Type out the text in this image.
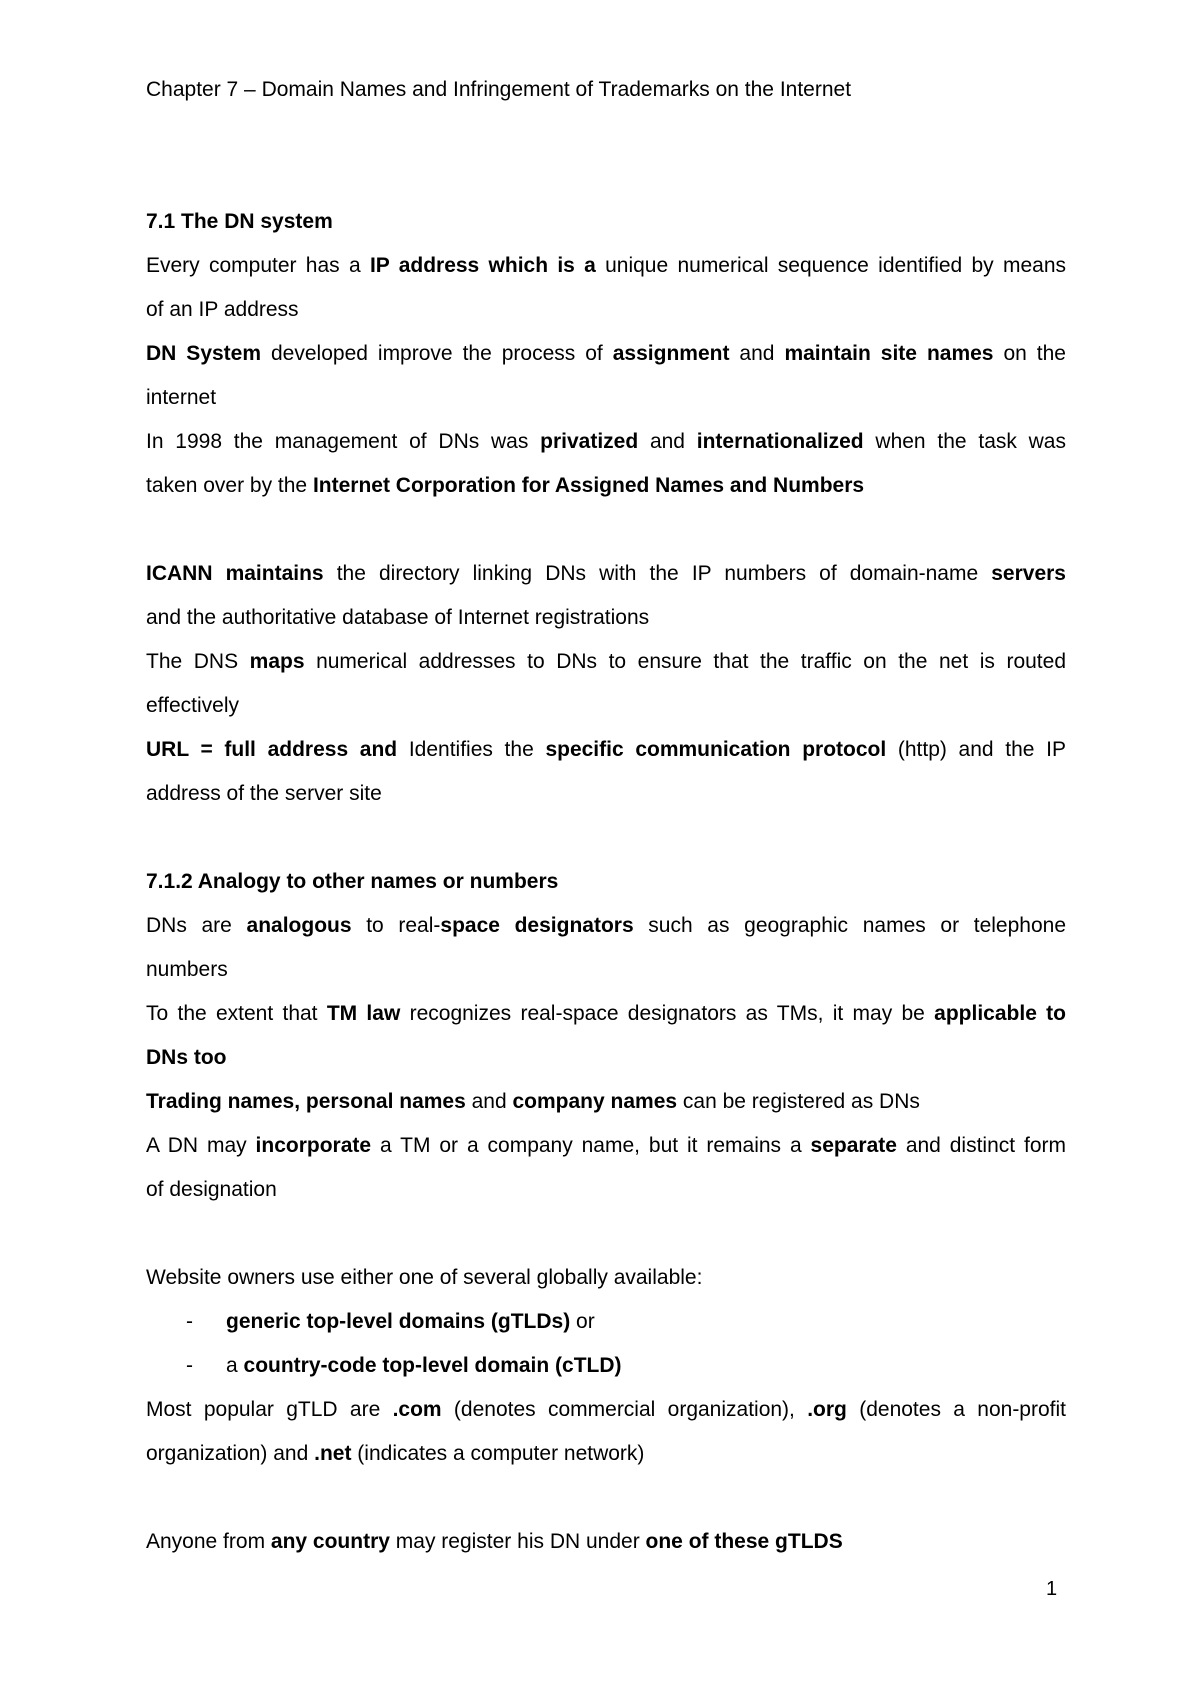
Chapter 7 – Domain Names and Infringement of Trademarks on the Internet

7.1 The DN system

Every computer has a IP address which is a unique numerical sequence identified by means

of an IP address

DN System developed improve the process of assignment and maintain site names on the

internet

In 1998 the management of DNs was privatized and internationalized when the task was

taken over by the Internet Corporation for Assigned Names and Numbers

ICANN maintains the directory linking DNs with the IP numbers of domain-name servers

and the authoritative database of Internet registrations

The DNS maps numerical addresses to DNs to ensure that the traffic on the net is routed

effectively

URL = full address and Identifies the specific communication protocol (http) and the IP

address of the server site

7.1.2 Analogy to other names or numbers

DNs are analogous to real-space designators such as geographic names or telephone

numbers

To the extent that TM law recognizes real-space designators as TMs, it may be applicable to

DNs too

Trading names, personal names and company names can be registered as DNs

A DN may incorporate a TM or a company name, but it remains a separate and distinct form

of designation

Website owners use either one of several globally available:

- generic top-level domains (gTLDs) or

- a country-code top-level domain (cTLD)

Most popular gTLD are .com (denotes commercial organization), .org (denotes a non-profit

organization) and .net (indicates a computer network)

Anyone from any country may register his DN under one of these gTLDS

1
